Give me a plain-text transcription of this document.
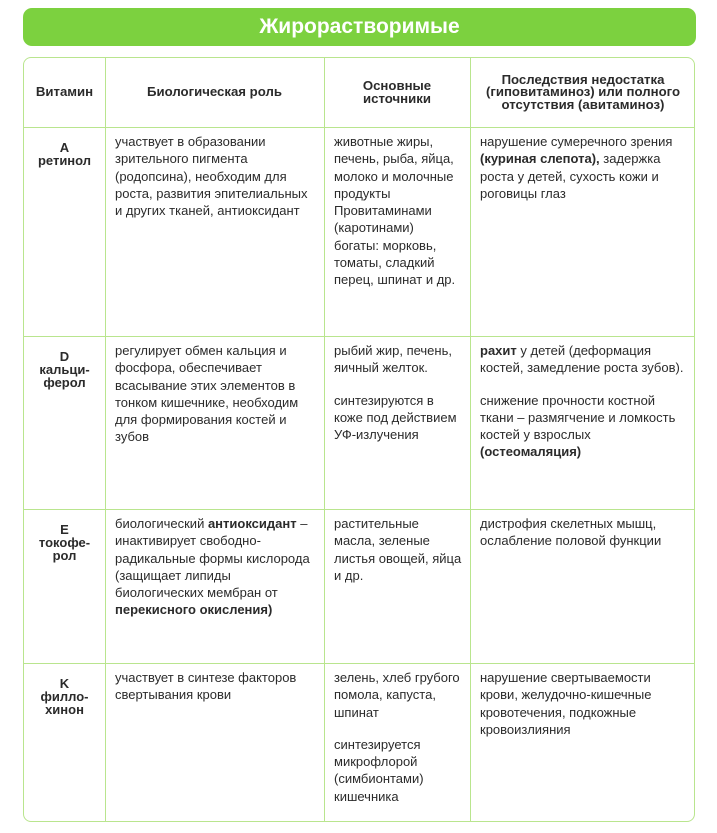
Жирорастворимые
Витамин	Биологическая роль	Основные источники
Последствия недостатка (гиповитаминоз) или полного отсутствия (авитаминоз)
A
ретинол

участвует в образовании зрительного пигмента (родопсина), необходим для роста, развития эпителиальных и других тканей, антиоксидант

животные жиры, печень, рыба, яйца, молоко и молочные продукты Провитаминами (каротинами) богаты: морковь, томаты, сладкий перец, шпинат и др.

нарушение сумеречного зрения (куриная слепота), задержка роста у детей, сухость кожи и роговицы глаз

D
кальци-
ферол

регулирует обмен кальция и фосфора, обеспечивает всасывание этих элементов в тонком кишечнике, необходим для формирования костей и зубов

рыбий жир, печень, яичный желток.

синтезируются в коже под действием УФ-излучения

рахит у детей (деформация костей, замедление роста зубов).

снижение прочности костной ткани – размягчение и ломкость костей у взрослых (остеомаляция)

E
токофе-
рол

биологический антиоксидант – инактивирует свободно-радикальные формы кислорода (защищает липиды биологических мембран от перекисного окисления)

растительные масла, зеленые листья овощей, яйца и др.

дистрофия скелетных мышц, ослабление половой функции

K
филло-
хинон

участвует в синтезе факторов свертывания крови

зелень, хлеб грубого помола, капуста, шпинат

синтезируется микрофлорой (симбионтами) кишечника

нарушение свертываемости крови, желудочно-кишечные кровотечения, подкожные кровоизлияния
